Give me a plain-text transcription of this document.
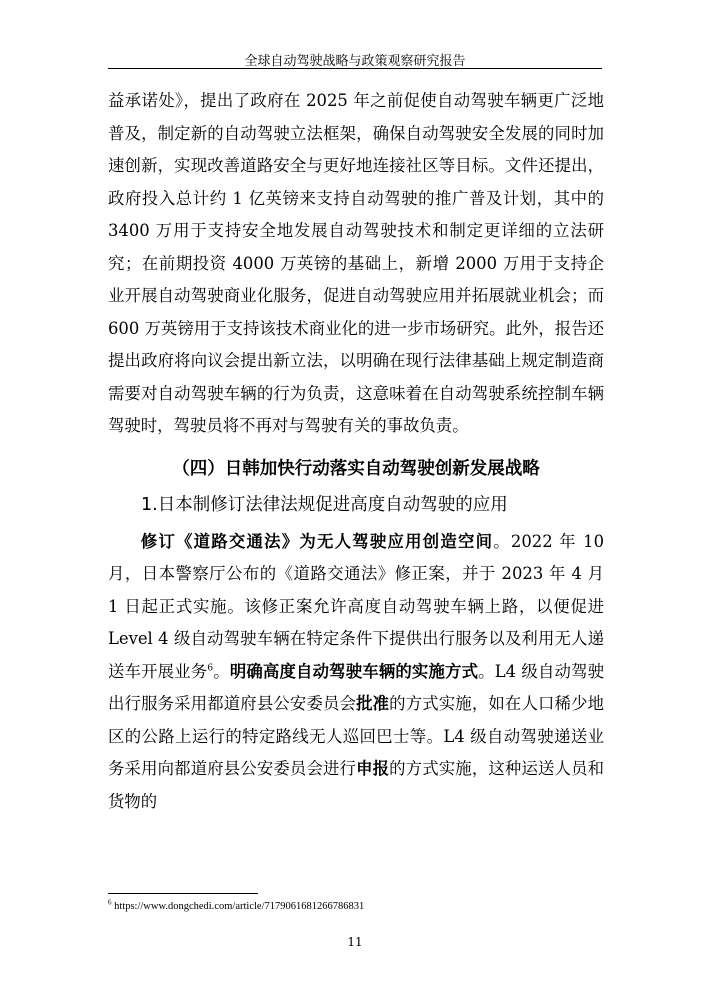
全球自动驾驶战略与政策观察研究报告

益承诺处》，提出了政府在 2025 年之前促使自动驾驶车辆更广泛地普及，制定新的自动驾驶立法框架，确保自动驾驶安全发展的同时加速创新，实现改善道路安全与更好地连接社区等目标。文件还提出，政府投入总计约 1 亿英镑来支持自动驾驶的推广普及计划，其中的 3400 万用于支持安全地发展自动驾驶技术和制定更详细的立法研究；在前期投资 4000 万英镑的基础上，新增 2000 万用于支持企业开展自动驾驶商业化服务，促进自动驾驶应用并拓展就业机会；而 600 万英镑用于支持该技术商业化的进一步市场研究。此外，报告还提出政府将向议会提出新立法，以明确在现行法律基础上规定制造商需要对自动驾驶车辆的行为负责，这意味着在自动驾驶系统控制车辆驾驶时，驾驶员将不再对与驾驶有关的事故负责。

（四）日韩加快行动落实自动驾驶创新发展战略
1.日本制修订法律法规促进高度自动驾驶的应用

修订《道路交通法》为无人驾驶应用创造空间。2022 年 10 月，日本警察厅公布的《道路交通法》修正案，并于 2023 年 4 月 1 日起正式实施。该修正案允许高度自动驾驶车辆上路，以便促进 Level 4 级自动驾驶车辆在特定条件下提供出行服务以及利用无人递送车开展业务$^6$。明确高度自动驾驶车辆的实施方式。L4 级自动驾驶出行服务采用都道府县公安委员会批准的方式实施，如在人口稀少地区的公路上运行的特定路线无人巡回巴士等。L4 级自动驾驶递送业务采用向都道府县公安委员会进行申报的方式实施，这种运送人员和货物的

$^6$ https://www.dongchedi.com/article/7179061681266786831
11
